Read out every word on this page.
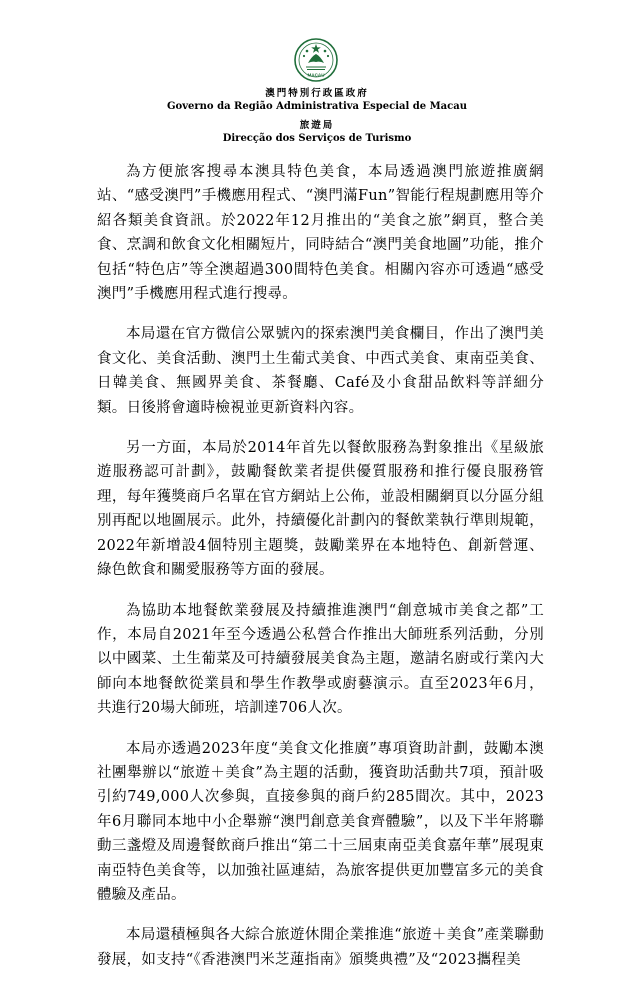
MACAU
澳門特別行政區政府
Governo da Região Administrativa Especial de Macau
旅遊局
Direcção dos Serviços de Turismo

為方便旅客搜尋本澳具特色美食，本局透過澳門旅遊推廣網站、“感受澳門”手機應用程式、“澳門滿Fun”智能行程規劃應用等介紹各類美食資訊。於2022年12月推出的“美食之旅”網頁，整合美食、烹調和飲食文化相關短片，同時結合“澳門美食地圖”功能，推介包括“特色店”等全澳超過300間特色美食。相關內容亦可透過“感受澳門”手機應用程式進行搜尋。

本局還在官方微信公眾號內的探索澳門美食欄目，作出了澳門美食文化、美食活動、澳門土生葡式美食、中西式美食、東南亞美食、日韓美食、無國界美食、茶餐廳、Café及小食甜品飲料等詳細分類。日後將會適時檢視並更新資料內容。

另一方面，本局於2014年首先以餐飲服務為對象推出《星級旅遊服務認可計劃》，鼓勵餐飲業者提供優質服務和推行優良服務管理，每年獲獎商戶名單在官方網站上公佈，並設相關網頁以分區分組別再配以地圖展示。此外，持續優化計劃內的餐飲業執行準則規範，2022年新增設4個特別主題獎，鼓勵業界在本地特色、創新營運、綠色飲食和關愛服務等方面的發展。

為協助本地餐飲業發展及持續推進澳門“創意城市美食之都”工作，本局自2021年至今透過公私營合作推出大師班系列活動，分別以中國菜、土生葡菜及可持續發展美食為主題，邀請名廚或行業內大師向本地餐飲從業員和學生作教學或廚藝演示。直至2023年6月，共進行20場大師班，培訓達706人次。

本局亦透過2023年度“美食文化推廣”專項資助計劃，鼓勵本澳社團舉辦以“旅遊＋美食”為主題的活動，獲資助活動共7項，預計吸引約749,000人次參與，直接參與的商戶約285間次。其中，2023年6月聯同本地中小企舉辦“澳門創意美食齊體驗”，以及下半年將聯動三盞燈及周邊餐飲商戶推出“第二十三屆東南亞美食嘉年華”展現東南亞特色美食等，以加強社區連結，為旅客提供更加豐富多元的美食體驗及產品。

本局還積極與各大綜合旅遊休閒企業推進“旅遊＋美食”產業聯動發展，如支持“《香港澳門米芝蓮指南》頒獎典禮”及“2023攜程美
